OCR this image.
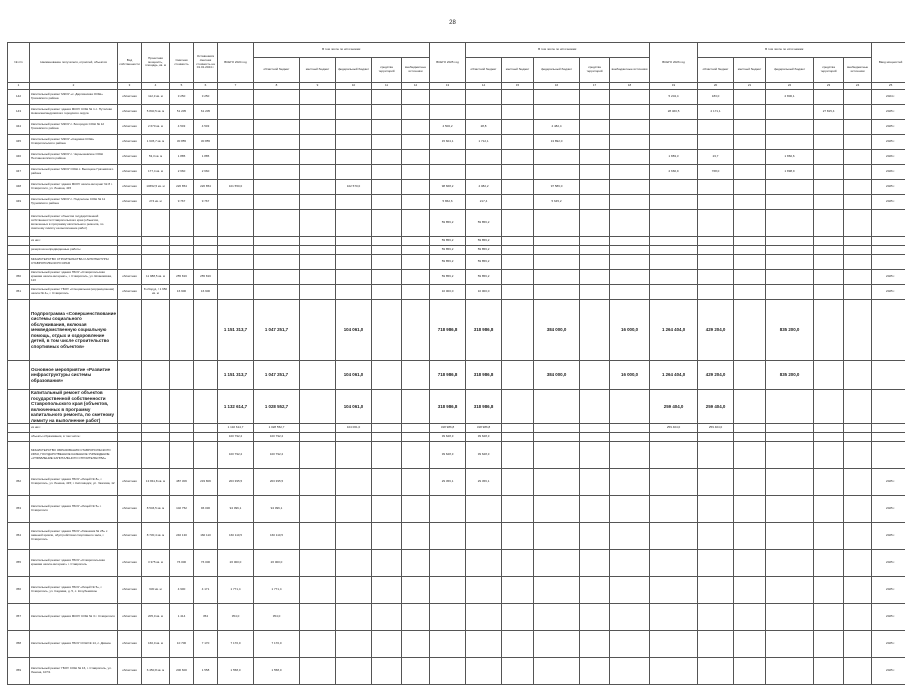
28
№ п/п	Наименование получателя, отраслей, объектов	Вид собственности	Проектная мощность, площадь, кв. м	Сметная стоимость	Оставшаяся сметная стоимость на 01.01.2024 г.	ВСЕГО 2024 год	В том числе по источникам:					ВСЕГО 2025 год	В том числе по источникам:					ВСЕГО 2026 год	В том числе по источникам:					Ввод мощностей
							областной бюджет	местный бюджет	федеральный бюджет	средства территорий	внебюджетные источники		областной бюджет	местный бюджет	федеральный бюджет	средства территорий	внебюджетные источники		областной бюджет	местный бюджет	федеральный бюджет	средства территорий	внебюджетные источники	
1	2	3	4	5	6	7	8	9	10	11	12	13	14	15	16	17	18	19	20	21	22	23	24	25
142	Капитальный ремонт МКОУ «с. Даргиянская ООШ» Грачевского района	областная	112,3 кв. м	3 250	3 250													5 204,4	183,0		2 800,1			2024 г.
143	Капитальный ремонт здания МКОУ СОШ № 1 с. Путилово Новоалександровского городского округа	областная	5 840,5 кв. м	51 205	61 205													28 460,5	2 171,1			27 815,4		2025 г.
344	Капитальный ремонт МКОУ с. Богородск СОШ № 12 Грачевского района	областная	2 670 кв. м	4 503	4 503							4 500,2	28,8		4 482,4									2025 г.
345	Капитальный ремонт МКОУ «Садовая СОШ» Ставропольского района	областная	1 645,7 кв. м	30 855	30 855							15 604,1	1 712,1		13 892,0									2025 г.
346	Капитальный ремонт МКОУ с. Чернышевское ООШ Песчанокопского района	областная	53,3 кв. м	1 885	1 885													1 883,3	23,7		1 860,6			2026 г.
347	Капитальный ремонт МКОУ ООШ с. Высоцкое Грачевского района	областная	177,4 кв. м	2 660	2 660													2 666,9	768,0		1 898,9			2026 г.
348	Капитальный ремонт здания МКОУ школа-интернат № 8 г. Ставрополя, ул. Ленина, 415	областная	10652,5 кв. м	226 854	226 854	101 550,0			102 570,0			98 668,2	4 082,2		97 586,0									2025 г.
349	Капитальный ремонт МКОУ с. Подлесное СОШ № 11 Труновского района	областная	274 кв. м	9 767	9 767							5 862,6	217,4		5 645,2									2025 г.
	Капитальный ремонт объектов государственной собственности Ставропольского края (объектов, включенных в программу капитального ремонта, по сметному лимиту на выполнение работ)											59 856,2	59 856,2											
	из них:											59 856,2	59 856,2											
	резерв на непредвиденные работы											59 856,2	59 856,2											
	МИНИСТЕРСТВО СТРОИТЕЛЬСТВА И АРХИТЕКТУРЫ СТАВРОПОЛЬСКОГО КРАЯ											59 856,2	59 856,2											
350	Капитальный ремонт здания ГБОУ «Ставропольская краевая школа-интернат», г. Ставрополь, ул. Шпаковская, 113	областная	11 988,5 кв. м	255 816	255 816							59 856,2	59 856,2											2025 г.
351	Капитальный ремонт ГБОУ «Специальная (коррекционная) школа № 4», г. Ставрополь	областная	8 оборуд. / 1 650 кв. м	16 900	16 900							10 000,0	10 000,0											2025 г.
	Подпрограмма «Совершенствование системы социального обслуживания, включая межведомственную социальную помощь, отдых и оздоровление детей, в том числе строительство спортивных объектов»					1 151 313,7	1 047 251,7		104 061,0			718 986,8	318 986,8		384 000,0		16 000,0	1 264 404,0	429 204,0		835 200,0			
	Основное мероприятие «Развитие инфраструктуры системы образования»					1 151 313,7	1 047 251,7		104 061,0			718 986,8	318 986,8		384 000,0		16 000,0	1 264 404,0	429 204,0		835 200,0			
	Капитальный ремонт объектов государственной собственности Ставропольского края (объектов, включенных в программу капитального ремонта, по сметному лимиту на выполнение работ)					1 132 614,7	1 028 552,7		104 061,0			318 986,8	318 986,8					259 404,0	259 404,0					
	из них:					1 132 614,7	1 028 552,7		104 061,0			318 986,8	318 986,8					259 404,0	259 404,0					
	объекты образования, в том числе:					100 792,2	100 792,2					39 628,3	39 628,3											
	МИНИСТЕРСТВО ОБРАЗОВАНИЯ СТАВРОПОЛЬСКОГО КРАЯ, ГОСУДАРСТВЕННОЕ КАЗЕННОЕ УЧРЕЖДЕНИЕ «УПРАВЛЕНИЕ КАПИТАЛЬНОГО СТРОИТЕЛЬСТВА»					100 792,2	100 792,2					39 628,3	39 628,3											
352	Капитальный ремонт здания ГБОУ «Лицей № 8», г. Ставрополь, ул. Ленина, 415; г. Кисловодск, ул. Чкалова, 12	областная	13 841,8 кв. м	487 306	233 806	203 395,5	203 395,5					29 456,1	29 456,1											2025 г.
353	Капитальный ремонт здания ГБОУ «Лицей № 5» г. Ставрополя	областная	8 546,5 кв. м	102 752	96 030	94 096,1	94 096,1																	2025 г.
354	Капитальный ремонт здания ГБОУ «Гимназия № 25» с заменой кровли, обустройством спортивного зала, г. Ставрополь	областная	8 730,4 кв. м	240 130	160 110	160 110,5	160 110,5																	2025 г.
355	Капитальный ремонт здания ГБОУ «Ставропольская краевая школа-интернат» г. Ставрополь	областная	3 375 кв. м	76 000	76 000	26 000,0	26 000,0																	2025 г.
356	Капитальный ремонт здания ГБОУ «Лицей № 5», г. Ставрополь, ул. Садовая, д. 5, с. Кочубеевское	областная	630 кв. м	4 900	4 171	1 771,4	1 771,4																	2025 г.
357	Капитальный ремонт здания МКОУ СОШ № 3 г. Ставрополя	областная	205,0 кв. м	1 414	354	354,0	354,0																	2025 г.
358	Капитальный ремонт здания ГБОУ СОШ № 14, с. Дивное	областная	160,0 кв. м	10 706	7 170	7 170,0	7 170,0																	2025 г.
359	Капитальный ремонт ГБОУ СОШ № 16, г. Ставрополь, ул. Ленина, 107/1	областная	6 450,8 кв. м	200 600	1 558	1 558,0	1 558,0																	2025 г.
